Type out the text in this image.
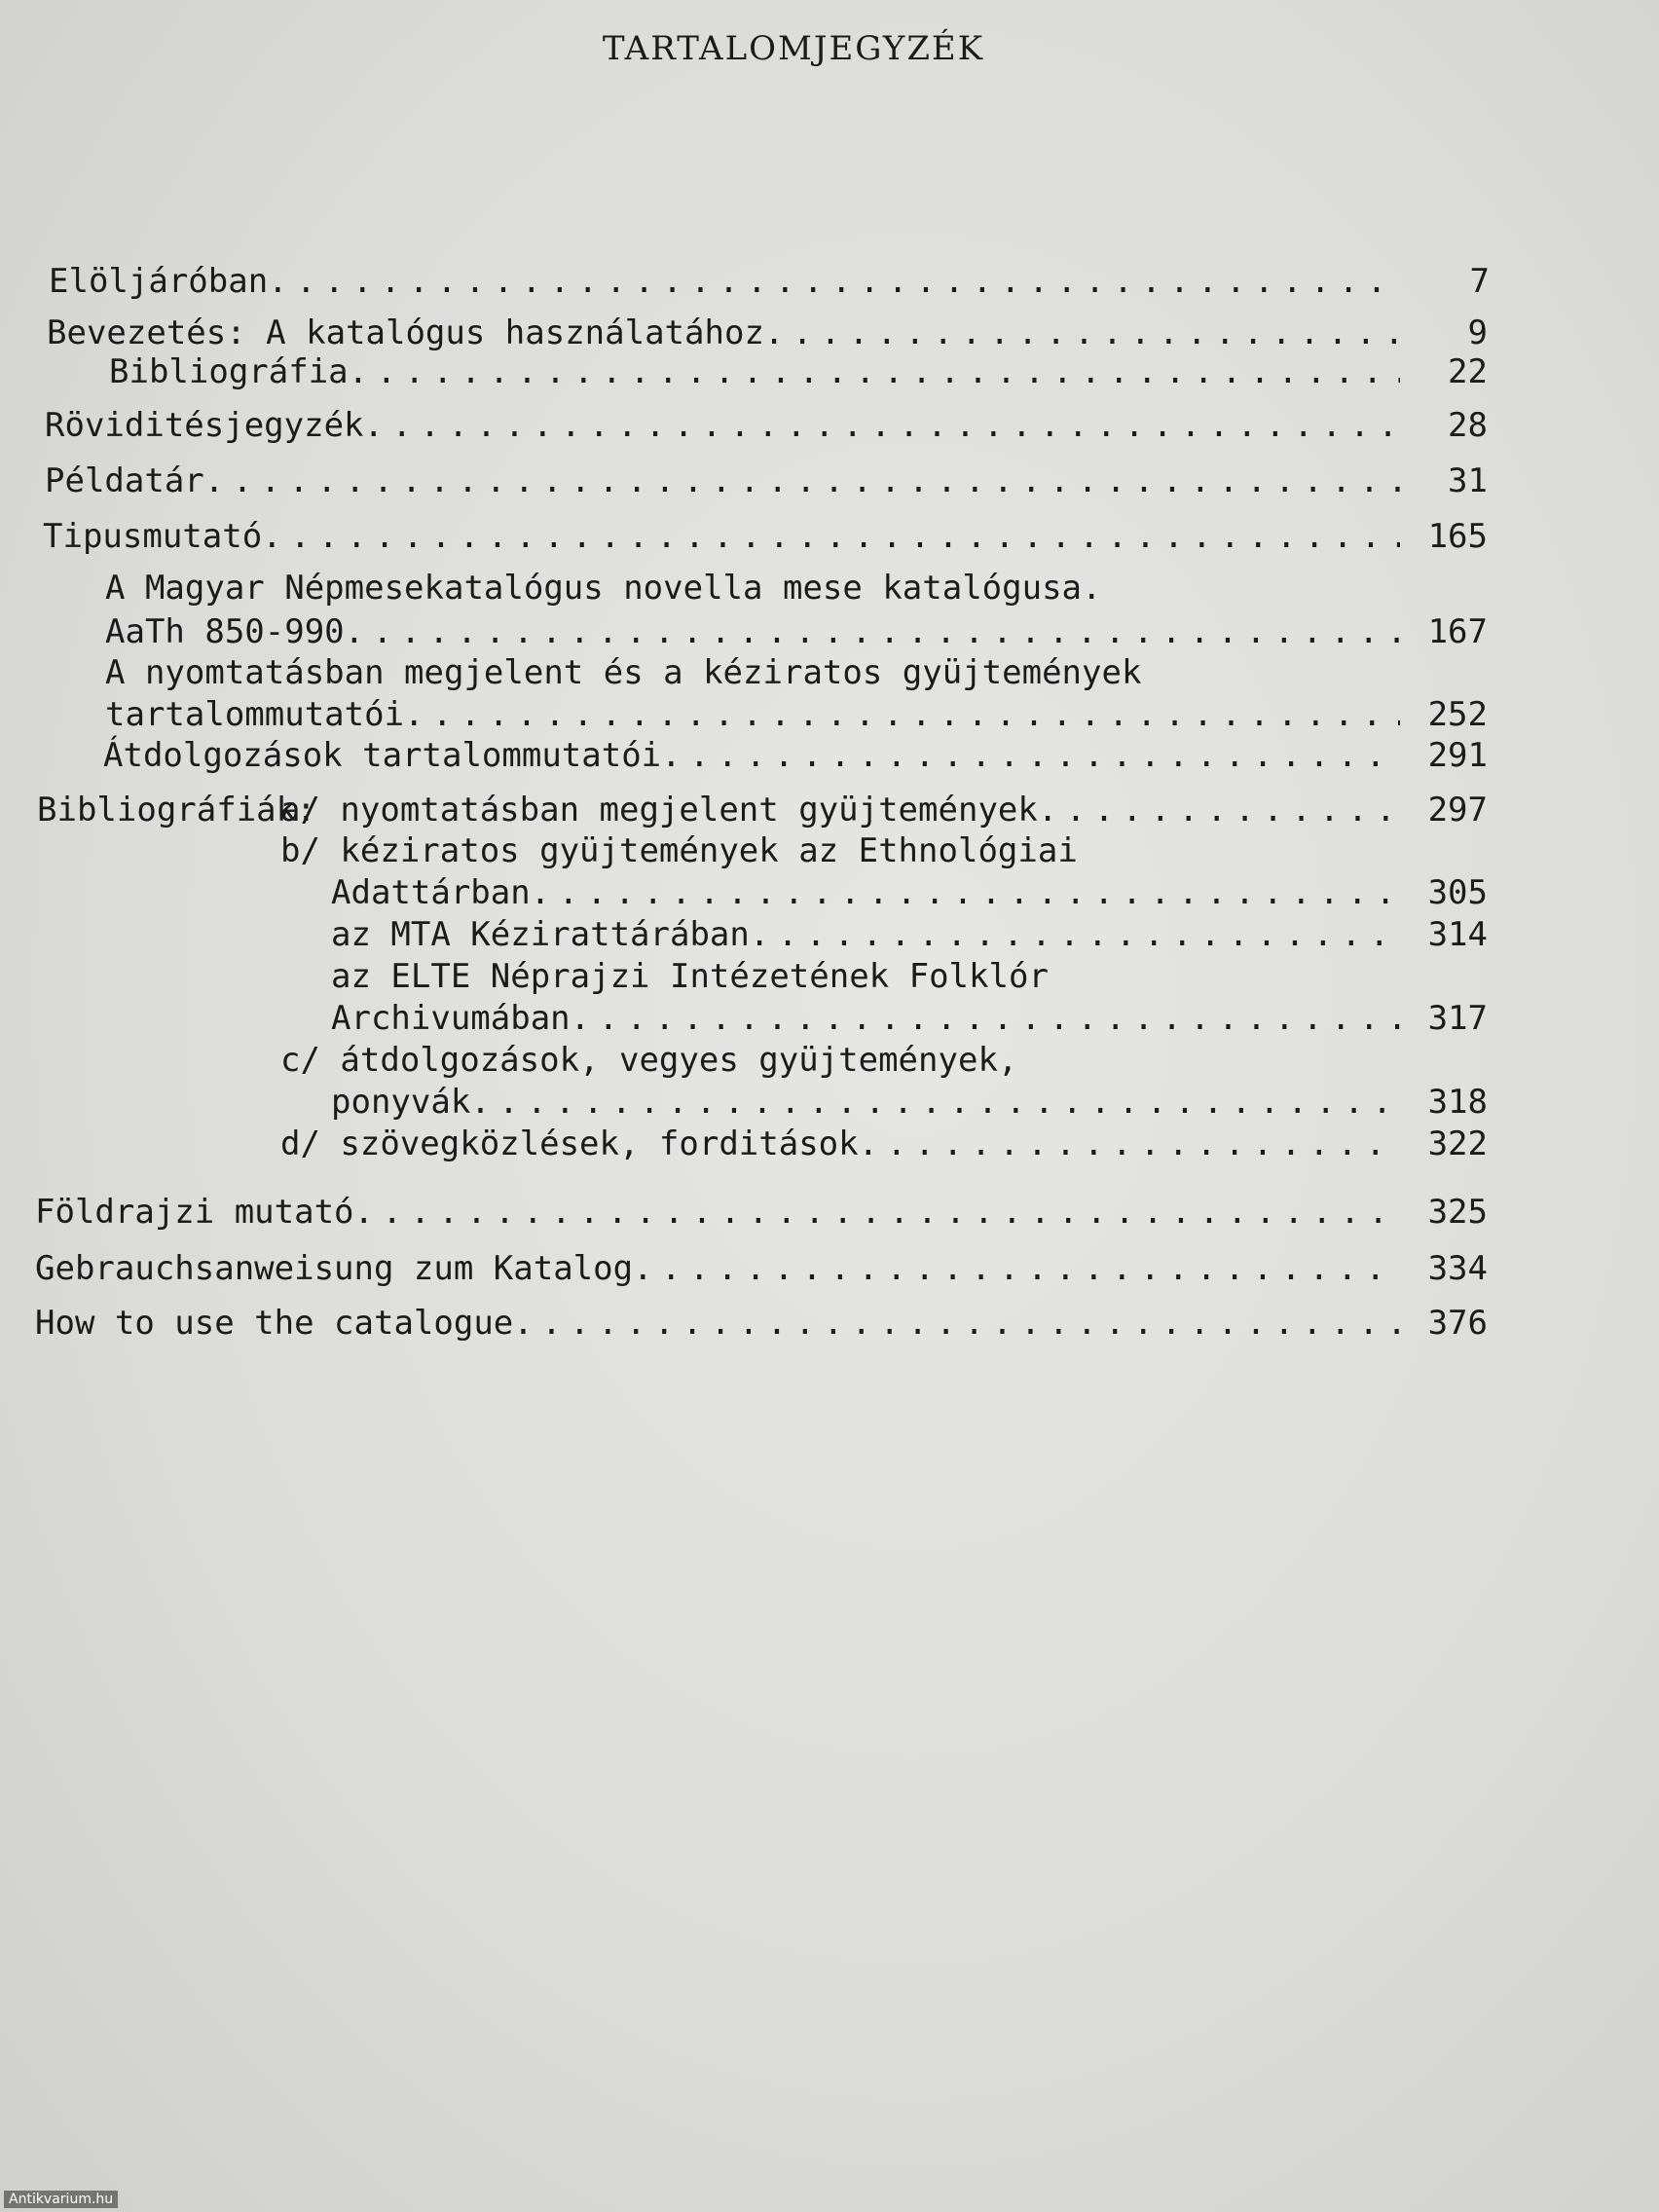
TARTALOMJEGYZÉK
Elöljáróban . . .	7
Bevezetés: A katalógus használatához . . .	9
Bibliográfia . . .	22
Röviditésjegyzék . . .	28
Példatár . . .	31
Tipusmutató . . .	165
A Magyar Népmesekatalógus novella mese katalógusa.
AaTh 850-990 . . .	167
A nyomtatásban megjelent és a kéziratos gyüjtemények
tartalommutatói . . .	252
Átdolgozások tartalommutatói . . .	291
Bibliográfiák:
a/ nyomtatásban megjelent gyüjtemények . . .	297
b/ kéziratos gyüjtemények az Ethnológiai
Adattárban . . .	305
az MTA Kézirattárában . . .	314
az ELTE Néprajzi Intézetének Folklór
Archivumában . . .	317
c/ átdolgozások, vegyes gyüjtemények,
ponyvák . . .	318
d/ szövegközlések, forditások . . .	322
Földrajzi mutató . . .	325
Gebrauchsanweisung zum Katalog . . .	334
How to use the catalogue . . .	376
Antikvarium.hu
